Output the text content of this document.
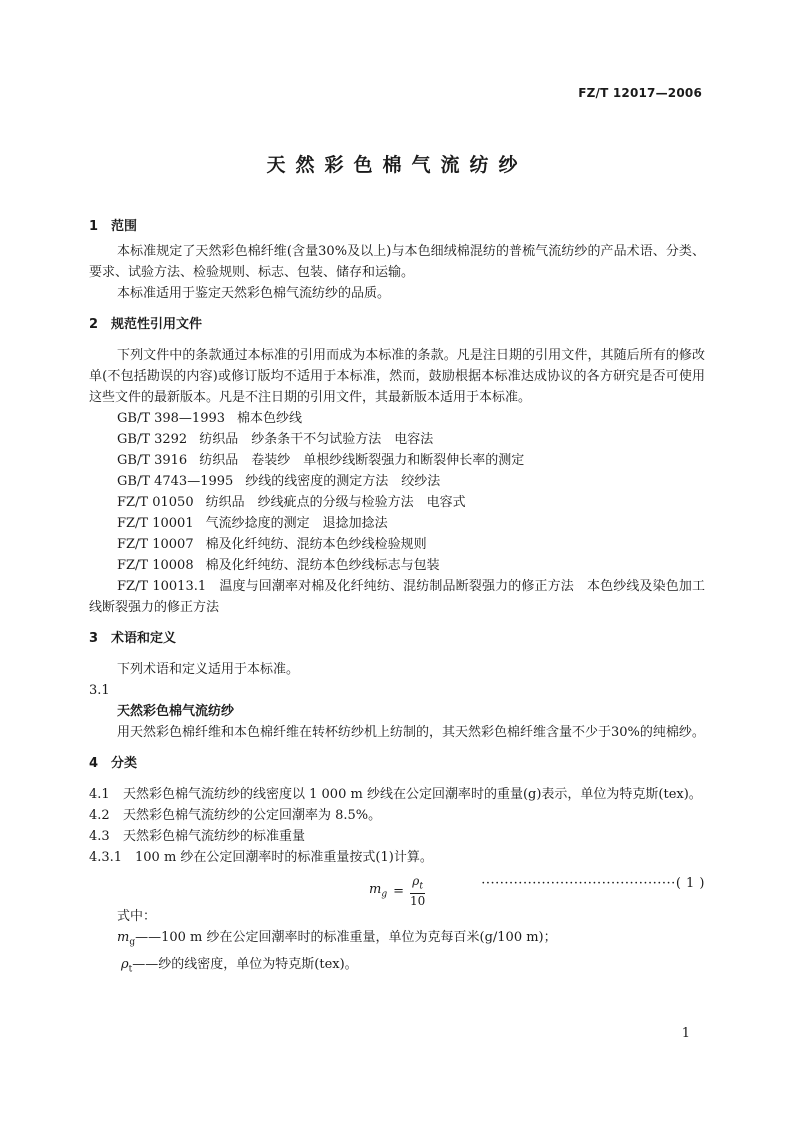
FZ/T 12017—2006
天然彩色棉气流纺纱
1 范围
本标准规定了天然彩色棉纤维(含量30%及以上)与本色细绒棉混纺的普梳气流纺纱的产品术语、分类、要求、试验方法、检验规则、标志、包装、储存和运输。
本标准适用于鉴定天然彩色棉气流纺纱的品质。
2 规范性引用文件
下列文件中的条款通过本标准的引用而成为本标准的条款。凡是注日期的引用文件，其随后所有的修改单(不包括勘误的内容)或修订版均不适用于本标准，然而，鼓励根据本标准达成协议的各方研究是否可使用这些文件的最新版本。凡是不注日期的引用文件，其最新版本适用于本标准。
GB/T 398—1993 棉本色纱线
GB/T 3292 纺织品　纱条条干不匀试验方法　电容法
GB/T 3916 纺织品　卷装纱　单根纱线断裂强力和断裂伸长率的测定
GB/T 4743—1995 纱线的线密度的测定方法　绞纱法
FZ/T 01050 纺织品　纱线疵点的分级与检验方法　电容式
FZ/T 10001 气流纱捻度的测定　退捻加捻法
FZ/T 10007 棉及化纤纯纺、混纺本色纱线检验规则
FZ/T 10008 棉及化纤纯纺、混纺本色纱线标志与包装
FZ/T 10013.1　温度与回潮率对棉及化纤纯纺、混纺制品断裂强力的修正方法　本色纱线及染色加工线断裂强力的修正方法
3 术语和定义
下列术语和定义适用于本标准。
3.1
天然彩色棉气流纺纱
用天然彩色棉纤维和本色棉纤维在转杯纺纱机上纺制的，其天然彩色棉纤维含量不少于30%的纯棉纱。
4 分类
4.1 天然彩色棉气流纺纱的线密度以 1 000 m 纱线在公定回潮率时的重量(g)表示，单位为特克斯(tex)。
4.2 天然彩色棉气流纺纱的公定回潮率为 8.5%。
4.3 天然彩色棉气流纺纱的标准重量
4.3.1 100 m 纱在公定回潮率时的标准重量按式(1)计算。
$m_g = \frac{\rho_t}{10}$	··········································( 1 )
式中：
$m_g——100$ m 纱在公定回潮率时的标准重量，单位为克每百米(g/100 m)；
$\rho_t——$纱的线密度，单位为特克斯(tex)。
1
